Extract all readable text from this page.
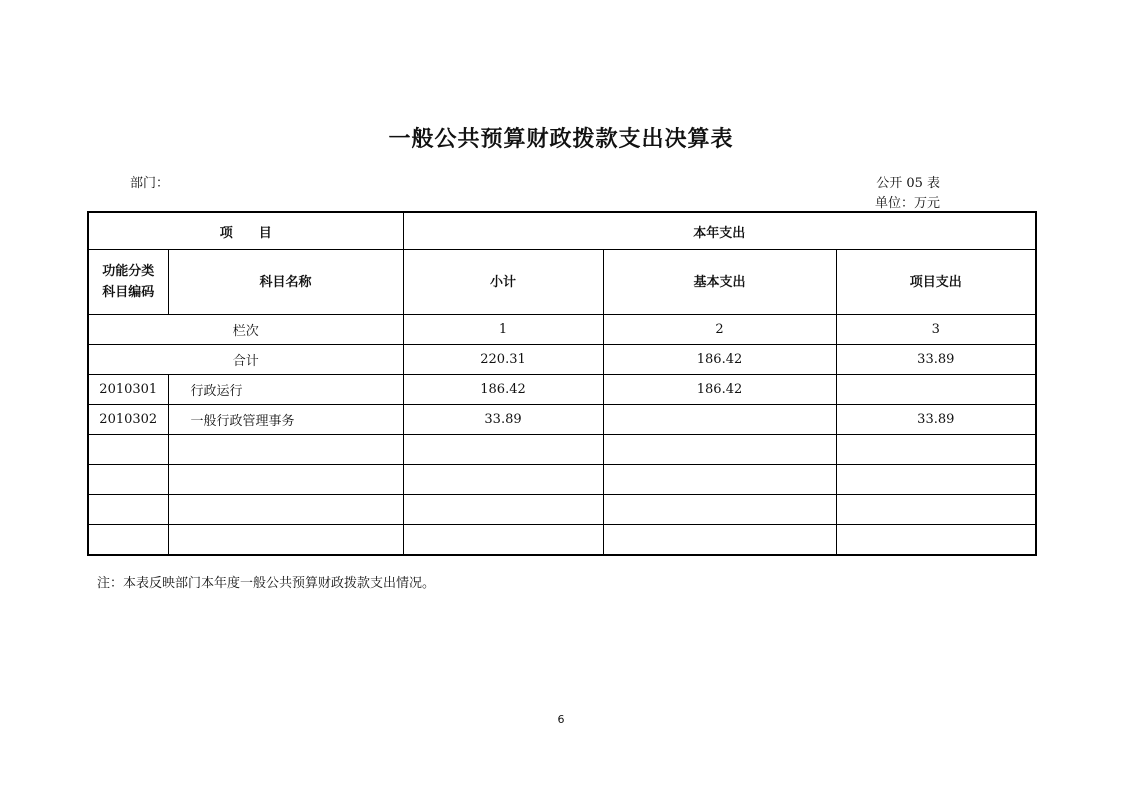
一般公共预算财政拨款支出决算表
部门：	公开 05 表
单位：万元
项　　目		本年支出		
功能分类
科目编码	科目名称	小计	基本支出	项目支出
栏次		1	2	3
合计		220.31	186.42	33.89
2010301	行政运行	186.42	186.42	
2010302	一般行政管理事务	33.89		33.89

注：本表反映部门本年度一般公共预算财政拨款支出情况。
6
